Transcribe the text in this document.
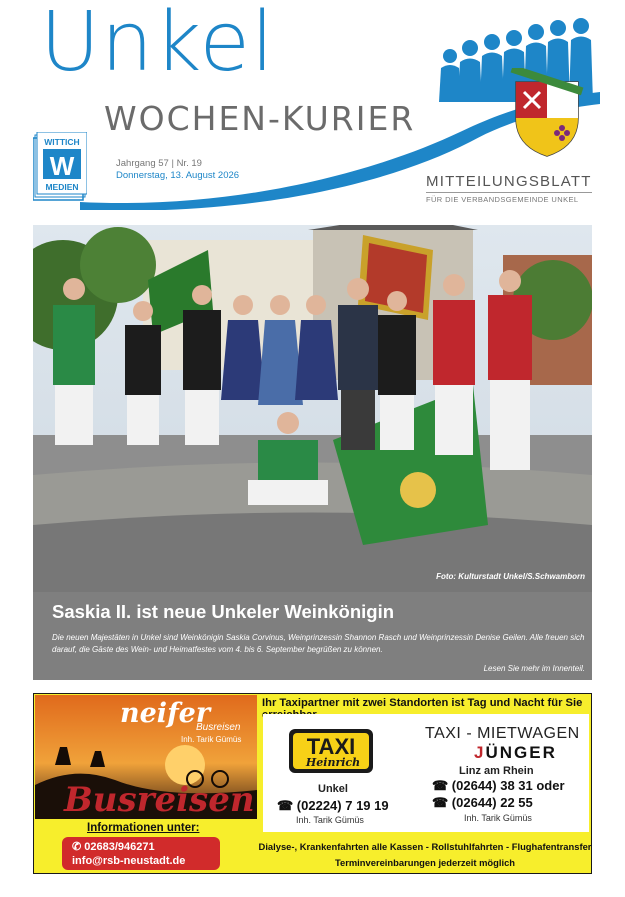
Unkel
WOCHEN-KURIER
WITTICH
W
MEDIEN
Jahrgang 57 | Nr. 19
Donnerstag, 13. August 2026	MITTEILUNGSBLATT
FÜR DIE VERBANDSGEMEINDE UNKEL
Foto: Kulturstadt Unkel/S.Schwamborn
Saskia II. ist neue Unkeler Weinkönigin
Die neuen Majestäten in Unkel sind Weinkönigin Saskia Corvinus, Weinprinzessin Shannon Rasch und Weinprinzessin Denise Geilen. Alle freuen sich darauf, die Gäste des Wein- und Heimatfestes vom 4. bis 6. September begrüßen zu können.
Lesen Sie mehr im Innenteil.
neifer
Busreisen
Inh. Tarik Gümüs
Busreisen
Informationen unter:
✆ 02683/946271
info@rsb-neustadt.de
Ihr Taxipartner mit zwei Standorten ist Tag und Nacht für Sie
TAXI
Heinrich
Unkel
☎ (02224) 7 19 19
Inh. Tarik Gümüs
TAXI - MIETWAGEN
JÜNGER
Linz am Rhein
☎ (02644) 38 31 oder
☎ (02644) 22 55
Inh. Tarik Gümüs
Dialyse-, Krankenfahrten alle Kassen - Rollstuhlfahrten - Flughafentransfer
Terminvereinbarungen jederzeit möglich
